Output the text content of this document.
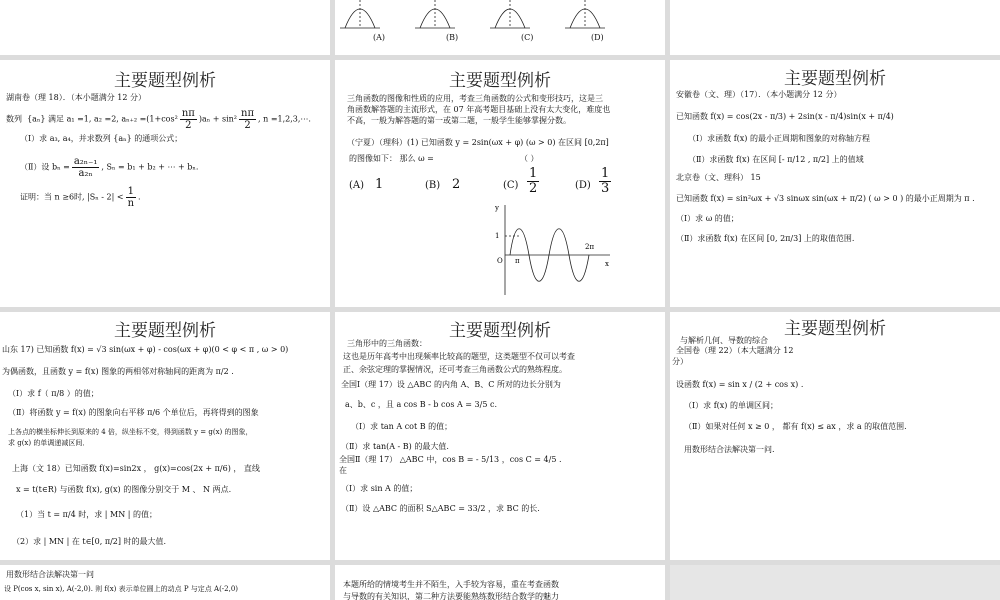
(A)	(B)	(C)	(D)
主要题型例析
湖南卷（理 18）．（本小题满分 12 分）
数列 {aₙ} 满足 a₁ =1, a₂ =2, $a_{n+2} =(1+\cos^2 \frac{n\pi}{2} )a_n + \sin^2 \frac{n\pi}{2}$ , n =1,2,3,⋯.
（Ⅰ）求 a₃, a₄，并求数列 {aₙ} 的通项公式；
（Ⅱ）设 $b_n = \frac{\text{a₂ₙ₋₁}}{\text{a₂ₙ}}$ , Sₙ = b₁ + b₂ + ⋯ + bₙ.
证明：当 n ≥6时, $|S_n - 2| < \frac{1}{n}$ .
主要题型例析
三角函数的图像和性质的应用，考查三角函数的公式和变形技巧，这是三
角函数解答题的主流形式，在 07 年高考题目基础上没有太大变化，难度也
不高，一般为解答题的第一或第二题，一般学生能够掌握分数。
（宁夏）（理科）(1) 已知函数 y = 2sin(ωx + φ) (ω > 0) 在区间 [0,2π]
的图像如下： 那么 ω =	（ ）
(A) 1	(B) 2	$(C) \frac{1}{2}$	$(D) \frac{1}{3}$
y
x
1
O π
2π
主要题型例析
安徽卷（文、理）（17）．（本小题满分 12 分）
已知函数 f(x) = cos(2x - π/3) + 2sin(x - π/4)sin(x + π/4)
（Ⅰ）求函数 f(x) 的最小正周期和图象的对称轴方程
（Ⅱ）求函数 f(x) 在区间 [- π/12 , π/2] 上的值域
北京卷（文、理科） 15
已知函数 f(x) = sin²ωx + √3 sinωx sin(ωx + π/2) ( ω > 0 ) 的最小正周期为 π .
（Ⅰ）求 ω 的值；
（Ⅱ）求函数 f(x) 在区间 [0, 2π/3] 上的取值范围.
主要题型例析
山东 17) 已知函数 f(x) = √3 sin(ωx + φ) - cos(ωx + φ)(0 < φ < π , ω > 0)
为偶函数，且函数 y = f(x) 图象的两相邻对称轴间的距离为 π/2 .
（Ⅰ）求 f（ π/8 ）的值；
（Ⅱ）将函数 y = f(x) 的图象向右平移 π/6 个单位后，再将得到的图象
上各点的横坐标伸长到原来的 4 倍，纵坐标不变，得到函数 y = g(x) 的图象，
求 g(x) 的单调递减区间．
上海（文 18）已知函数 f(x)=sin2x ， g(x)=cos(2x + π/6) ， 直线
x = t(t∈R) 与函数 f(x), g(x) 的图像分别交于 M 、 N 两点.
（1）当 t = π/4 时，求 | MN | 的值；
（2）求 | MN | 在 t∈[0, π/2] 时的最大值.
主要题型例析
三角形中的三角函数：
这也是历年高考中出现频率比较高的题型，这类题型不仅可以考查
正、余弦定理的掌握情况，还可考查三角函数公式的熟练程度。
全国Ⅰ（理 17）设 △ABC 的内角 A、B、C 所对的边长分别为
a、b、c ，且 a cos B - b cos A = 3/5 c.
（Ⅰ）求 tan A cot B 的值；
（Ⅱ）求 tan(A - B) 的最大值.
全国Ⅱ（理 17） △ABC 中，cos B = - 5/13 ，cos C = 4/5 .
在
（Ⅰ）求 sin A 的值；
（Ⅱ）设 △ABC 的面积 S△ABC = 33/2 ，求 BC 的长.
主要题型例析
与解析几何、导数的综合
全国卷（理 22）（本大题满分 12
分）
设函数 f(x) = sin x / (2 + cos x) .
（Ⅰ）求 f(x) 的单调区间；
（Ⅱ）如果对任何 x ≥ 0 ， 都有 f(x) ≤ ax ，求 a 的取值范围.
用数形结合法解决第一问.
用数形结合法解决第一问
设 P(cos x, sin x), A(-2,0). 则 f(x) 表示单位圆上的动点 P 与定点 A(-2,0)	本题所给的情境考生并不陌生，入手较为容易，重在考查函数
与导数的有关知识，第二种方法要能熟练数形结合数学的魅力
